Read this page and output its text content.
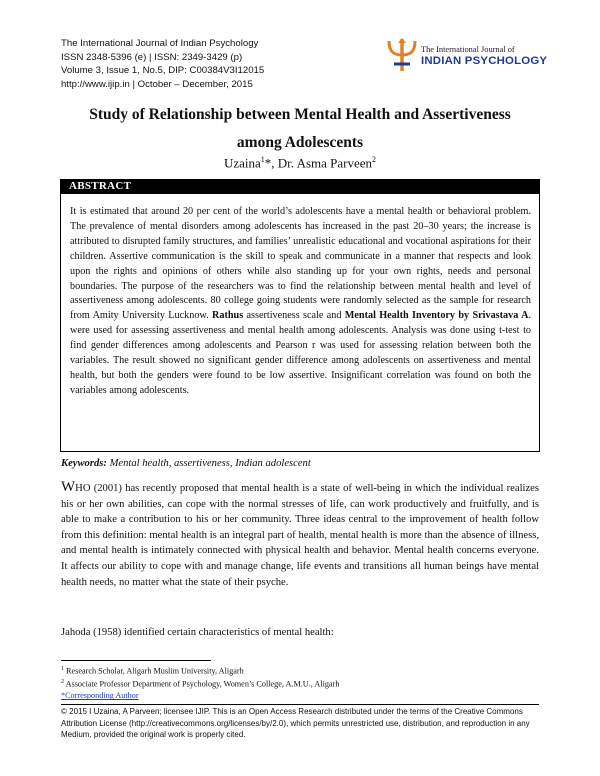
The International Journal of Indian Psychology
ISSN 2348-5396 (e) | ISSN: 2349-3429 (p)
Volume 3, Issue 1, No.5, DIP: C00384V3I12015
http://www.ijip.in | October – December, 2015
The International Journal of
INDIAN PSYCHOLOGY
Study of Relationship between Mental Health and Assertiveness
among Adolescents
Uzaina$^1$*, Dr. Asma Parveen$^2$
ABSTRACT

It is estimated that around 20 per cent of the world’s adolescents have a mental health or behavioral problem. The prevalence of mental disorders among adolescents has increased in the past 20–30 years; the increase is attributed to disrupted family structures, and families’ unrealistic educational and vocational aspirations for their children. Assertive communication is the skill to speak and communicate in a manner that respects and look upon the rights and opinions of others while also standing up for your own rights, needs and personal boundaries. The purpose of the researchers was to find the relationship between mental health and level of assertiveness among adolescents. 80 college going students were randomly selected as the sample for research from Amity University Lucknow. Rathus assertiveness scale and Mental Health Inventory by Srivastava A. were used for assessing assertiveness and mental health among adolescents. Analysis was done using t-test to find gender differences among adolescents and Pearson r was used for assessing relation between both the variables. The result showed no significant gender difference among adolescents on assertiveness and mental health, but both the genders were found to be low assertive. Insignificant correlation was found on both the variables among adolescents.

Keywords: Mental health, assertiveness, Indian adolescent

WHO (2001) has recently proposed that mental health is a state of well-being in which the individual realizes his or her own abilities, can cope with the normal stresses of life, can work productively and fruitfully, and is able to make a contribution to his or her community. Three ideas central to the improvement of health follow from this definition: mental health is an integral part of health, mental health is more than the absence of illness, and mental health is intimately connected with physical health and behavior. Mental health concerns everyone. It affects our ability to cope with and manage change, life events and transitions all human beings have mental health needs, no matter what the state of their psyche.

Jahoda (1958) identified certain characteristics of mental health:

$^1$ Research Scholar, Aligarh Muslim University, Aligarh
$^2$ Associate Professor Department of Psychology, Women’s College, A.M.U., Aligarh
*Corresponding Author
© 2015 I Uzaina, A Parveen; licensee IJIP. This is an Open Access Research distributed under the terms of the Creative Commons Attribution License (http://creativecommons.org/licenses/by/2.0), which permits unrestricted use, distribution, and reproduction in any Medium, provided the original work is properly cited.
